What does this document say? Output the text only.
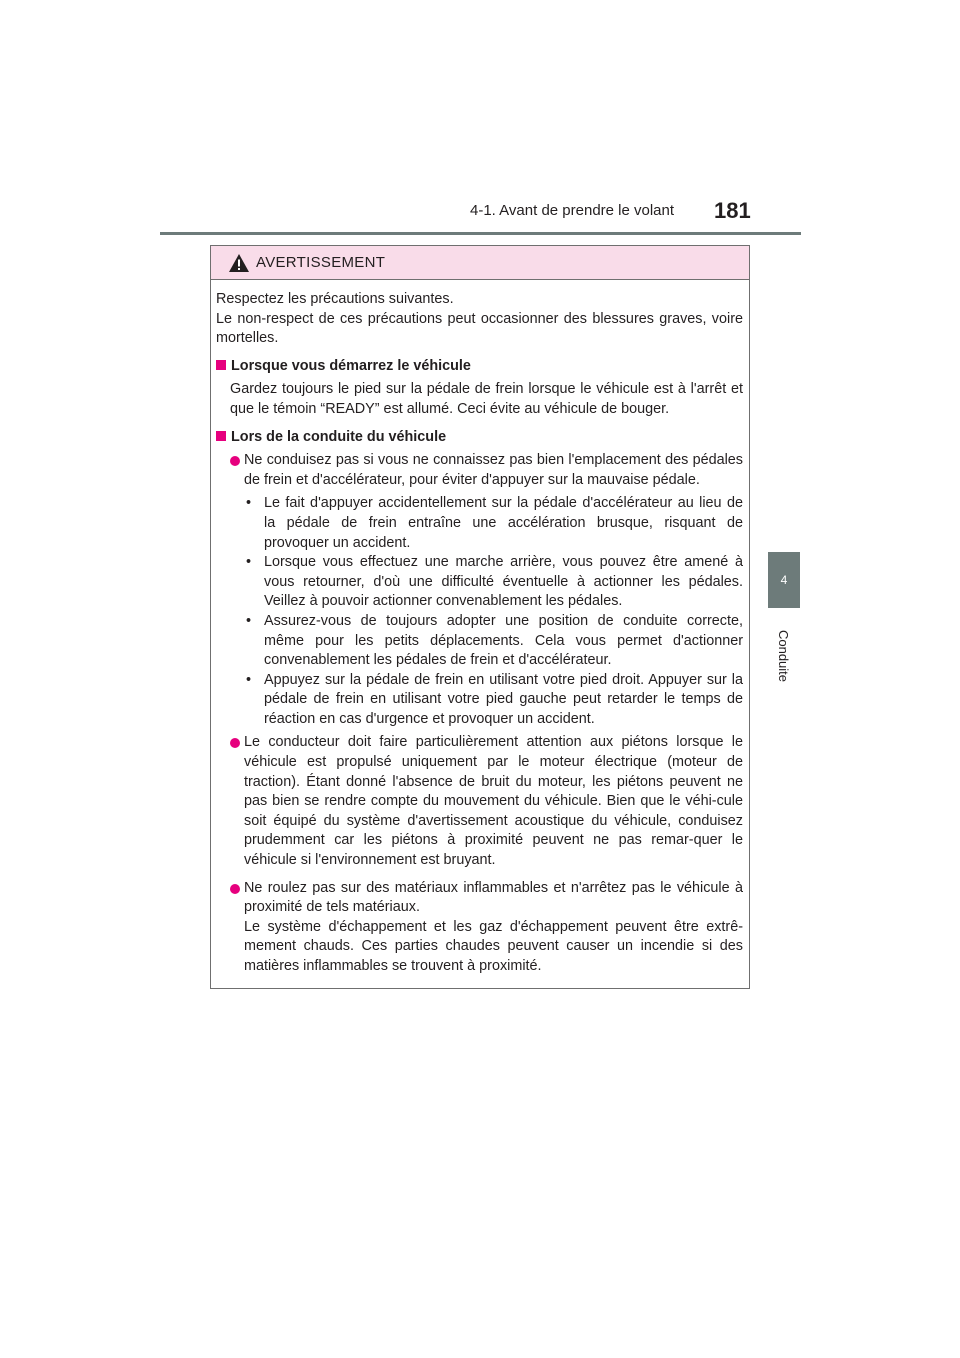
4-1. Avant de prendre le volant 181
4
Conduite
AVERTISSEMENT

Respectez les précautions suivantes.

Le non-respect de ces précautions peut occasionner des blessures graves, voire mortelles.

Lorsque vous démarrez le véhicule

Gardez toujours le pied sur la pédale de frein lorsque le véhicule est à l'arrêt et que le témoin “READY” est allumé. Ceci évite au véhicule de bouger.

Lors de la conduite du véhicule

Ne conduisez pas si vous ne connaissez pas bien l'emplacement des pédales de frein et d'accélérateur, pour éviter d'appuyer sur la mauvaise pédale.

• Le fait d'appuyer accidentellement sur la pédale d'accélérateur au lieu de la pédale de frein entraîne une accélération brusque, risquant de provoquer un accident.

• Lorsque vous effectuez une marche arrière, vous pouvez être amené à vous retourner, d'où une difficulté éventuelle à actionner les pédales. Veillez à pouvoir actionner convenablement les pédales.

• Assurez-vous de toujours adopter une position de conduite correcte, même pour les petits déplacements. Cela vous permet d'actionner convenablement les pédales de frein et d'accélérateur.

• Appuyez sur la pédale de frein en utilisant votre pied droit. Appuyer sur la pédale de frein en utilisant votre pied gauche peut retarder le temps de réaction en cas d'urgence et provoquer un accident.

Le conducteur doit faire particulièrement attention aux piétons lorsque le véhicule est propulsé uniquement par le moteur électrique (moteur de traction). Étant donné l'absence de bruit du moteur, les piétons peuvent ne pas bien se rendre compte du mouvement du véhicule. Bien que le véhi-cule soit équipé du système d'avertissement acoustique du véhicule, conduisez prudemment car les piétons à proximité peuvent ne pas remar-quer le véhicule si l'environnement est bruyant.

Ne roulez pas sur des matériaux inflammables et n'arrêtez pas le véhicule à proximité de tels matériaux.

Le système d'échappement et les gaz d'échappement peuvent être extrê-mement chauds. Ces parties chaudes peuvent causer un incendie si des matières inflammables se trouvent à proximité.
